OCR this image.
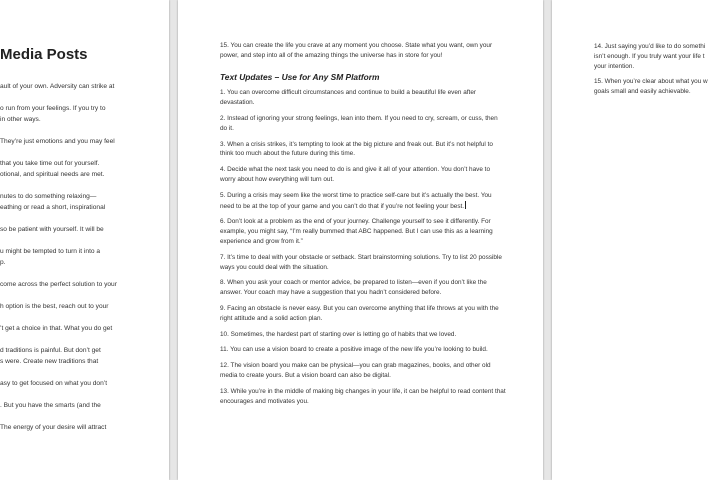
Media Posts

ault of your own. Adversity can strike at

o run from your feelings. If you try to
in other ways.

They’re just emotions and you may feel

that you take time out for yourself.
otional, and spiritual needs are met.

nutes to do something relaxing—
eathing or read a short, inspirational

so be patient with yourself. It will be

u might be tempted to turn it into a
p.

come across the perfect solution to your

h option is the best, reach out to your

’t get a choice in that. What you do get

d traditions is painful. But don’t get
s were. Create new traditions that

asy to get focused on what you don’t

. But you have the smarts (and the

The energy of your desire will attract

15. You can create the life you crave at any moment you choose. State what you want, own your power, and step into all of the amazing things the universe has in store for you!

Text Updates – Use for Any SM Platform

1. You can overcome difficult circumstances and continue to build a beautiful life even after devastation.

2. Instead of ignoring your strong feelings, lean into them. If you need to cry, scream, or cuss, then do it.

3. When a crisis strikes, it’s tempting to look at the big picture and freak out. But it’s not helpful to think too much about the future during this time.

4. Decide what the next task you need to do is and give it all of your attention. You don’t have to worry about how everything will turn out.

5. During a crisis may seem like the worst time to practice self-care but it’s actually the best. You need to be at the top of your game and you can’t do that if you’re not feeling your best.

6. Don’t look at a problem as the end of your journey. Challenge yourself to see it differently. For example, you might say, “I’m really bummed that ABC happened. But I can use this as a learning experience and grow from it.”

7. It’s time to deal with your obstacle or setback. Start brainstorming solutions. Try to list 20 possible ways you could deal with the situation.

8. When you ask your coach or mentor advice, be prepared to listen—even if you don’t like the answer. Your coach may have a suggestion that you hadn’t considered before.

9. Facing an obstacle is never easy. But you can overcome anything that life throws at you with the right attitude and a solid action plan.

10. Sometimes, the hardest part of starting over is letting go of habits that we loved.

11. You can use a vision board to create a positive image of the new life you’re looking to build.

12. The vision board you make can be physical—you can grab magazines, books, and other old media to create yours. But a vision board can also be digital.

13. While you’re in the middle of making big changes in your life, it can be helpful to read content that encourages and motivates you.

14. Just saying you’d like to do somethi
isn’t enough. If you truly want your life t
your intention.

15. When you’re clear about what you w
goals small and easily achievable.
